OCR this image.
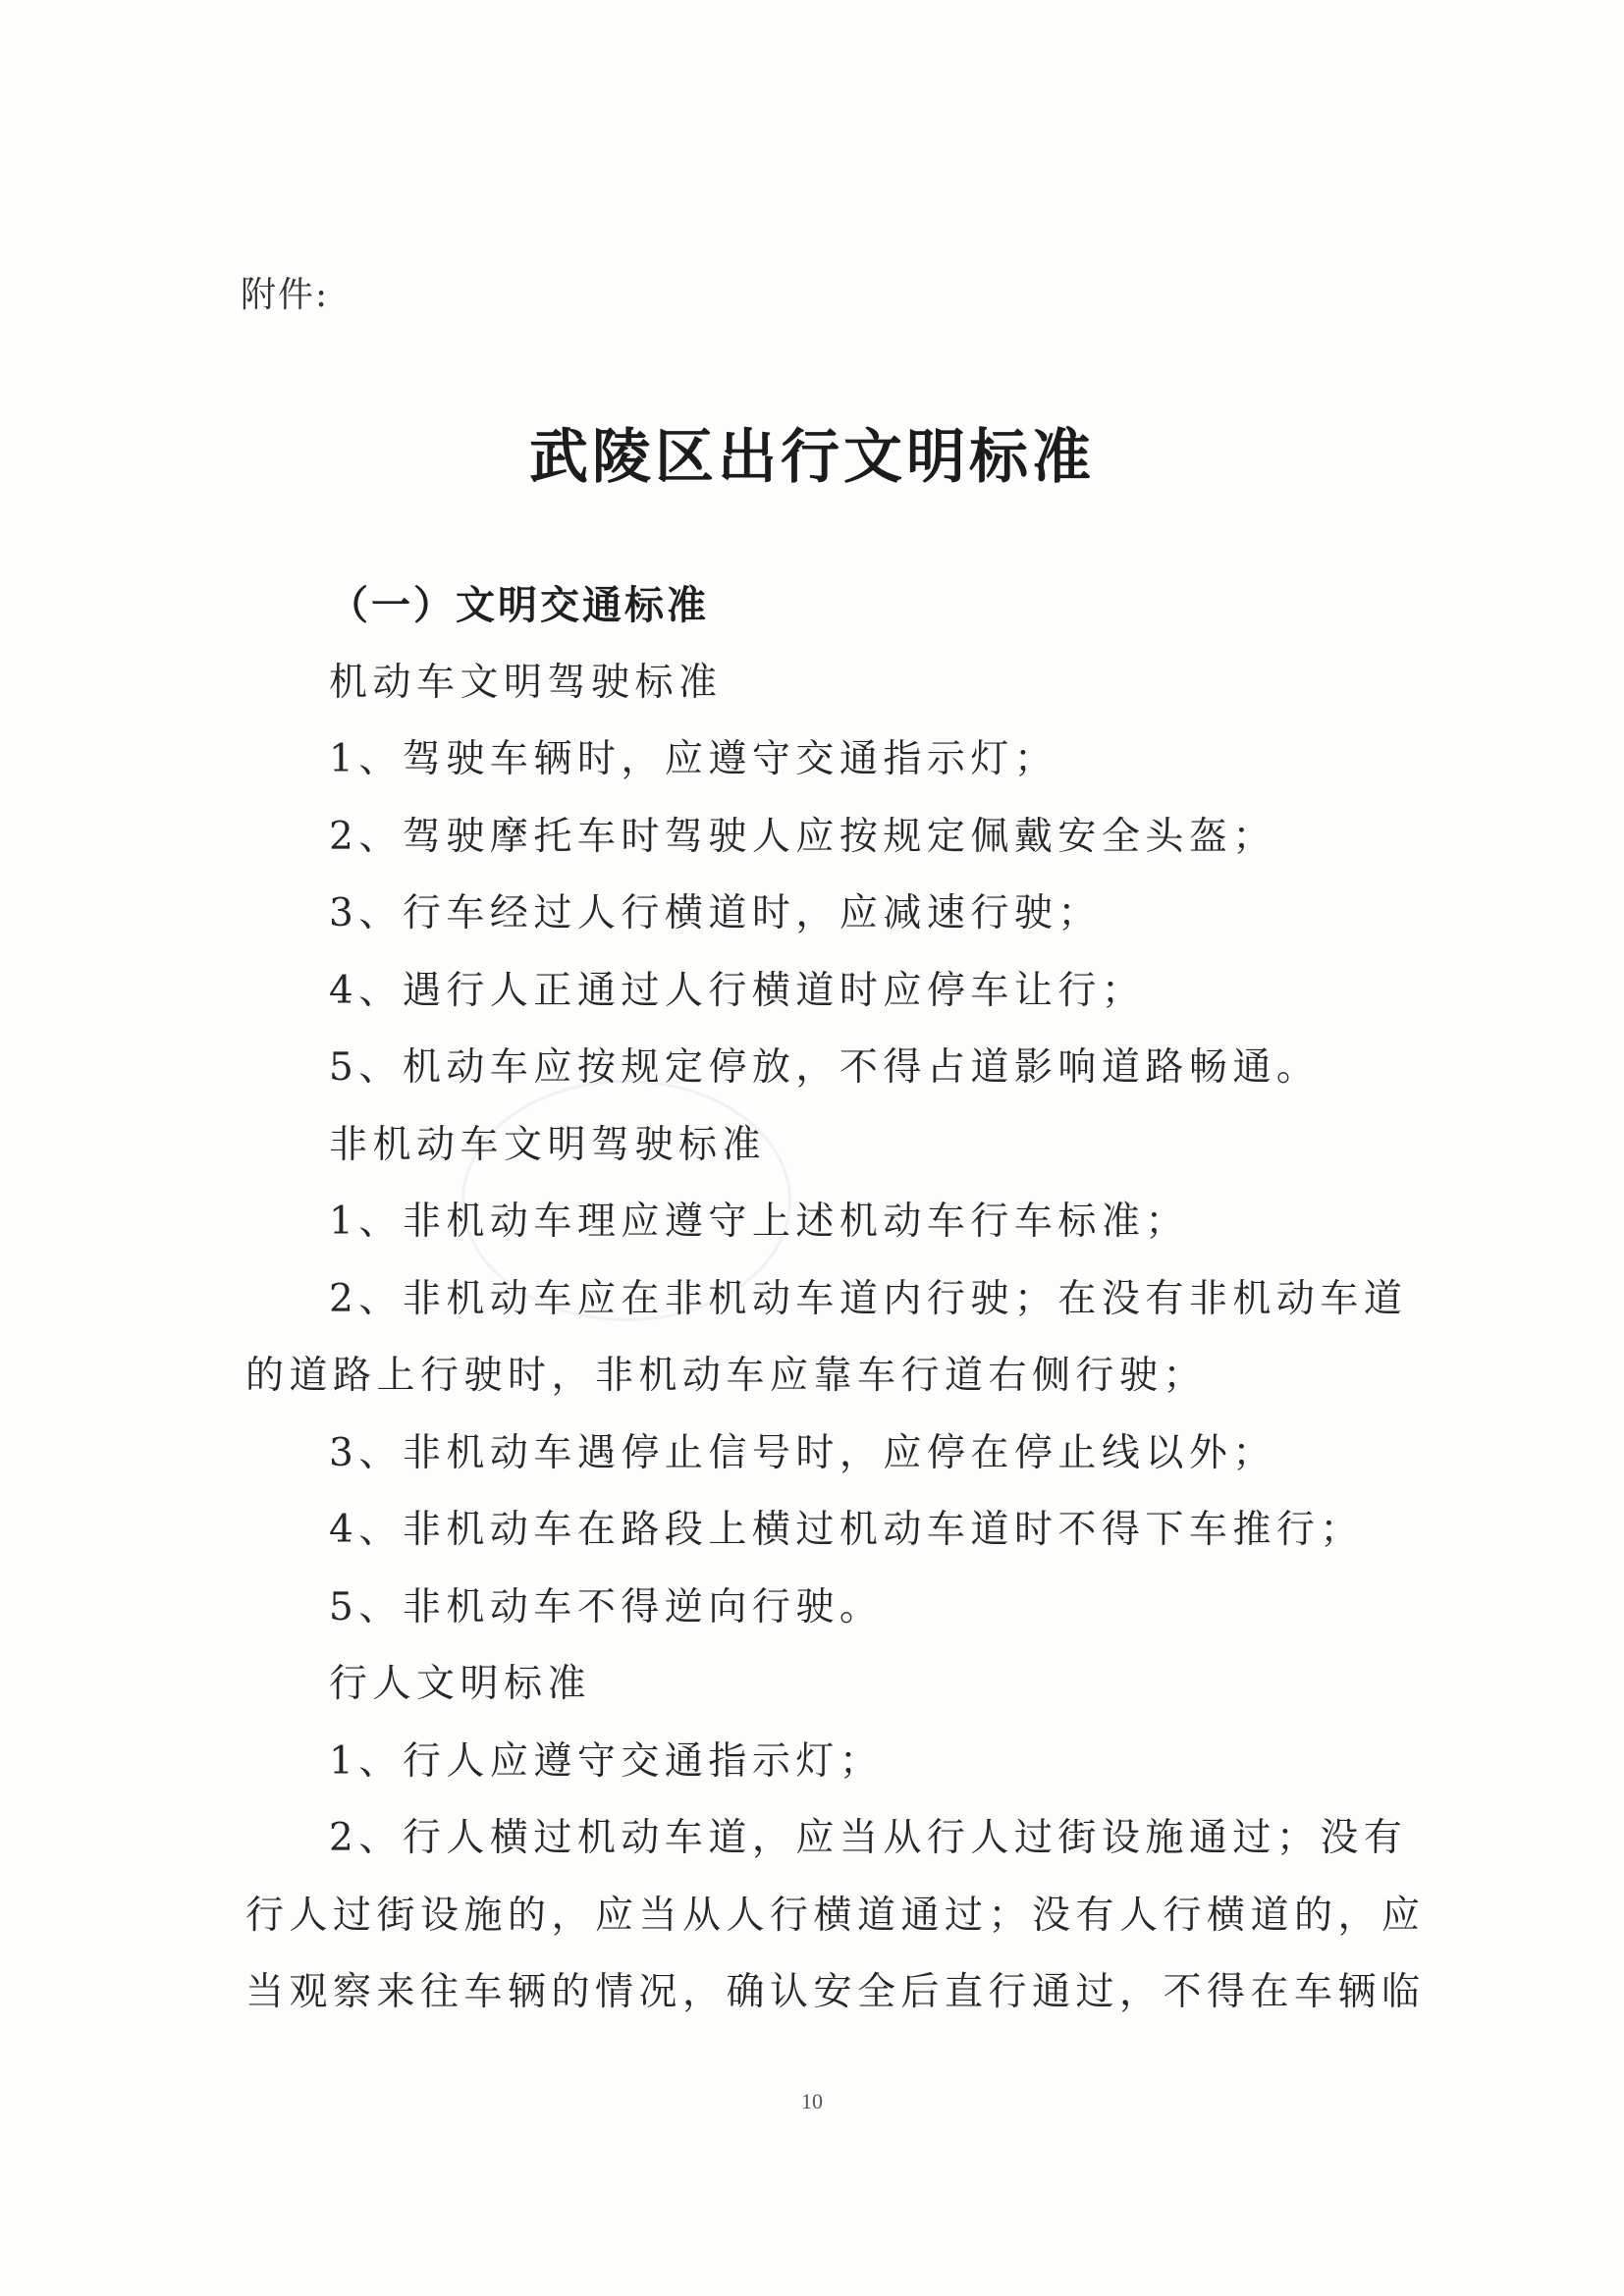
附件:
武陵区出行文明标准
（一）文明交通标准
机动车文明驾驶标准
1、驾驶车辆时，应遵守交通指示灯；
2、驾驶摩托车时驾驶人应按规定佩戴安全头盔；
3、行车经过人行横道时，应减速行驶；
4、遇行人正通过人行横道时应停车让行；
5、机动车应按规定停放，不得占道影响道路畅通。
非机动车文明驾驶标准
1、非机动车理应遵守上述机动车行车标准；
2、非机动车应在非机动车道内行驶；在没有非机动车道
的道路上行驶时，非机动车应靠车行道右侧行驶；
3、非机动车遇停止信号时，应停在停止线以外；
4、非机动车在路段上横过机动车道时不得下车推行；
5、非机动车不得逆向行驶。
行人文明标准
1、行人应遵守交通指示灯；
2、行人横过机动车道，应当从行人过街设施通过；没有
行人过街设施的，应当从人行横道通过；没有人行横道的，应
当观察来往车辆的情况，确认安全后直行通过，不得在车辆临
10
